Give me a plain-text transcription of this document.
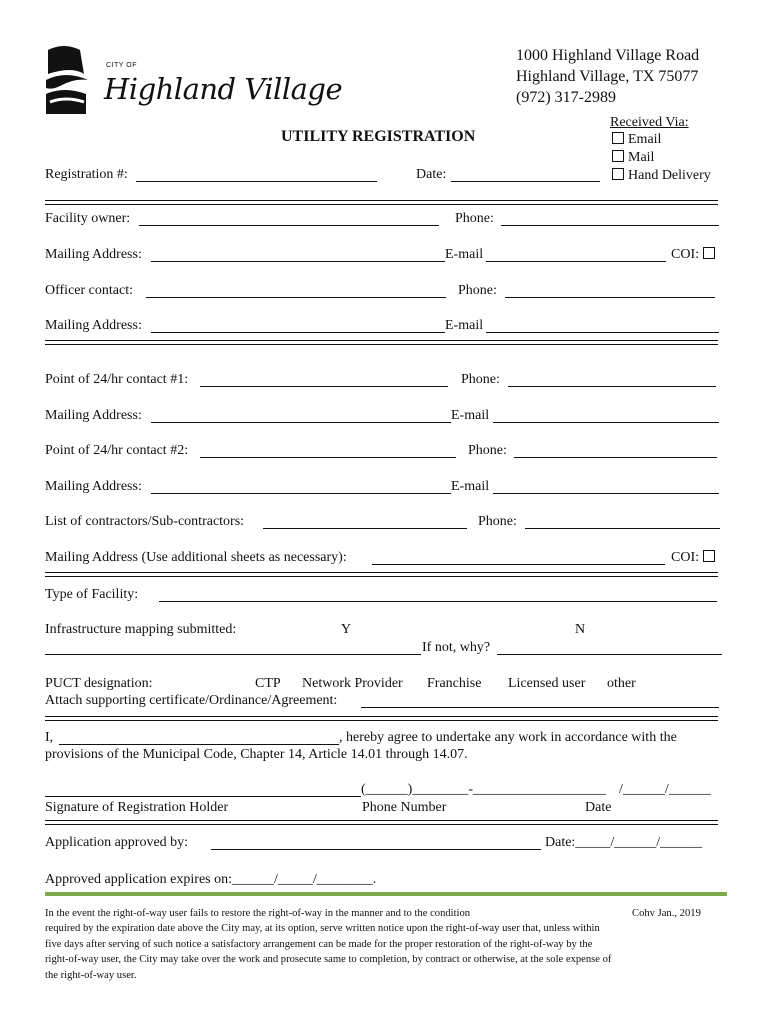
CITY OF
Highland Village
1000 Highland Village Road
Highland Village, TX 75077
(972) 317-2989
Received Via:
Email
Mail
Hand Delivery
UTILITY REGISTRATION
Registration #:	Date:
Facility owner:	Phone:
Mailing Address:	E-mail	COI:
Officer contact:	Phone:
Mailing Address:	E-mail
Point of 24/hr contact #1:	Phone:
Mailing Address:	E-mail
Point of 24/hr contact #2:	Phone:
Mailing Address:	E-mail
List of contractors/Sub-contractors:	Phone:
Mailing Address (Use additional sheets as necessary):	COI:
Type of Facility:
Infrastructure mapping submitted:	Y	N
If not, why?
PUCT designation:	CTP Network Provider Franchise Licensed user other
Attach supporting certificate/Ordinance/Agreement:
I,	, hereby agree to undertake any work in accordance with the
provisions of the Municipal Code, Chapter 14, Article 14.01 through 14.07.
(______)________-___________________ /______/______
Signature of Registration Holder	Phone Number	Date
Application approved by:	Date:_____/______/______
Approved application expires on:______/_____/________.
In the event the right-of-way user fails to restore the right-of-way in the manner and to the condition	Cohv Jan., 2019
required by the expiration date above the City may, at its option, serve written notice upon the right-of-way user that, unless within
five days after serving of such notice a satisfactory arrangement can be made for the proper restoration of the right-of-way by the
right-of-way user, the City may take over the work and prosecute same to completion, by contract or otherwise, at the sole expense of
the right-of-way user.
